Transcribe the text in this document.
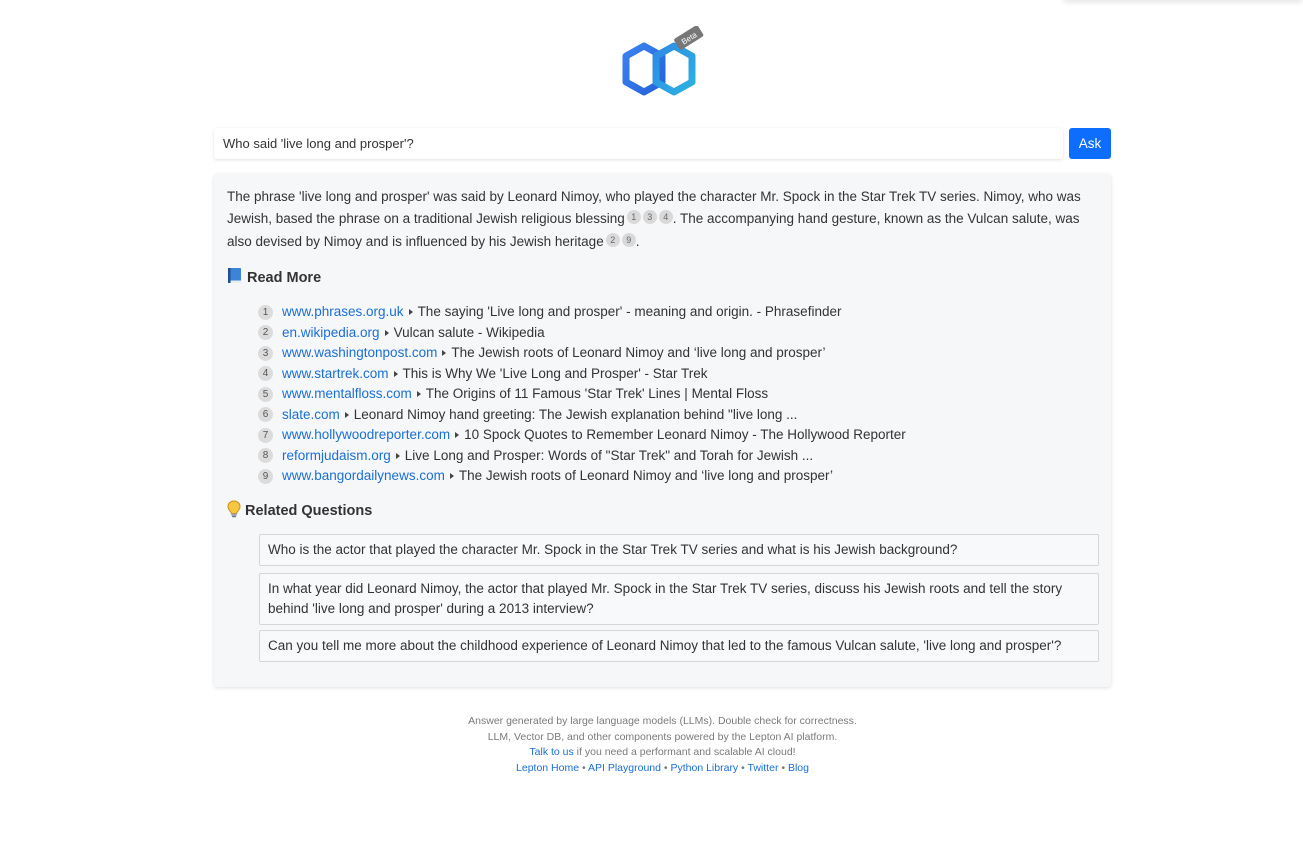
Beta
Who said 'live long and prosper'?
Ask
The phrase 'live long and prosper' was said by Leonard Nimoy, who played the character Mr. Spock in the Star Trek TV series. Nimoy, who was Jewish, based the phrase on a traditional Jewish religious blessing 1 3 4 . The accompanying hand gesture, known as the Vulcan salute, was also devised by Nimoy and is influenced by his Jewish heritage 2 9 .
Read More
1	www.phrases.org.uk The saying 'Live long and prosper' - meaning and origin. - Phrasefinder
2	en.wikipedia.org Vulcan salute - Wikipedia
3	www.washingtonpost.com The Jewish roots of Leonard Nimoy and ‘live long and prosper’
4	www.startrek.com This is Why We 'Live Long and Prosper' - Star Trek
5	www.mentalfloss.com The Origins of 11 Famous 'Star Trek' Lines | Mental Floss
6	slate.com Leonard Nimoy hand greeting: The Jewish explanation behind "live long ...
7	www.hollywoodreporter.com 10 Spock Quotes to Remember Leonard Nimoy - The Hollywood Reporter
8	reformjudaism.org Live Long and Prosper: Words of "Star Trek" and Torah for Jewish ...
9	www.bangordailynews.com The Jewish roots of Leonard Nimoy and ‘live long and prosper’
Related Questions
Who is the actor that played the character Mr. Spock in the Star Trek TV series and what is his Jewish background?
In what year did Leonard Nimoy, the actor that played Mr. Spock in the Star Trek TV series, discuss his Jewish roots and tell the story behind 'live long and prosper' during a 2013 interview?
Can you tell me more about the childhood experience of Leonard Nimoy that led to the famous Vulcan salute, 'live long and prosper'?
Answer generated by large language models (LLMs). Double check for correctness.
LLM, Vector DB, and other components powered by the Lepton AI platform.
Talk to us if you need a performant and scalable AI cloud!
Lepton Home • API Playground • Python Library • Twitter • Blog
